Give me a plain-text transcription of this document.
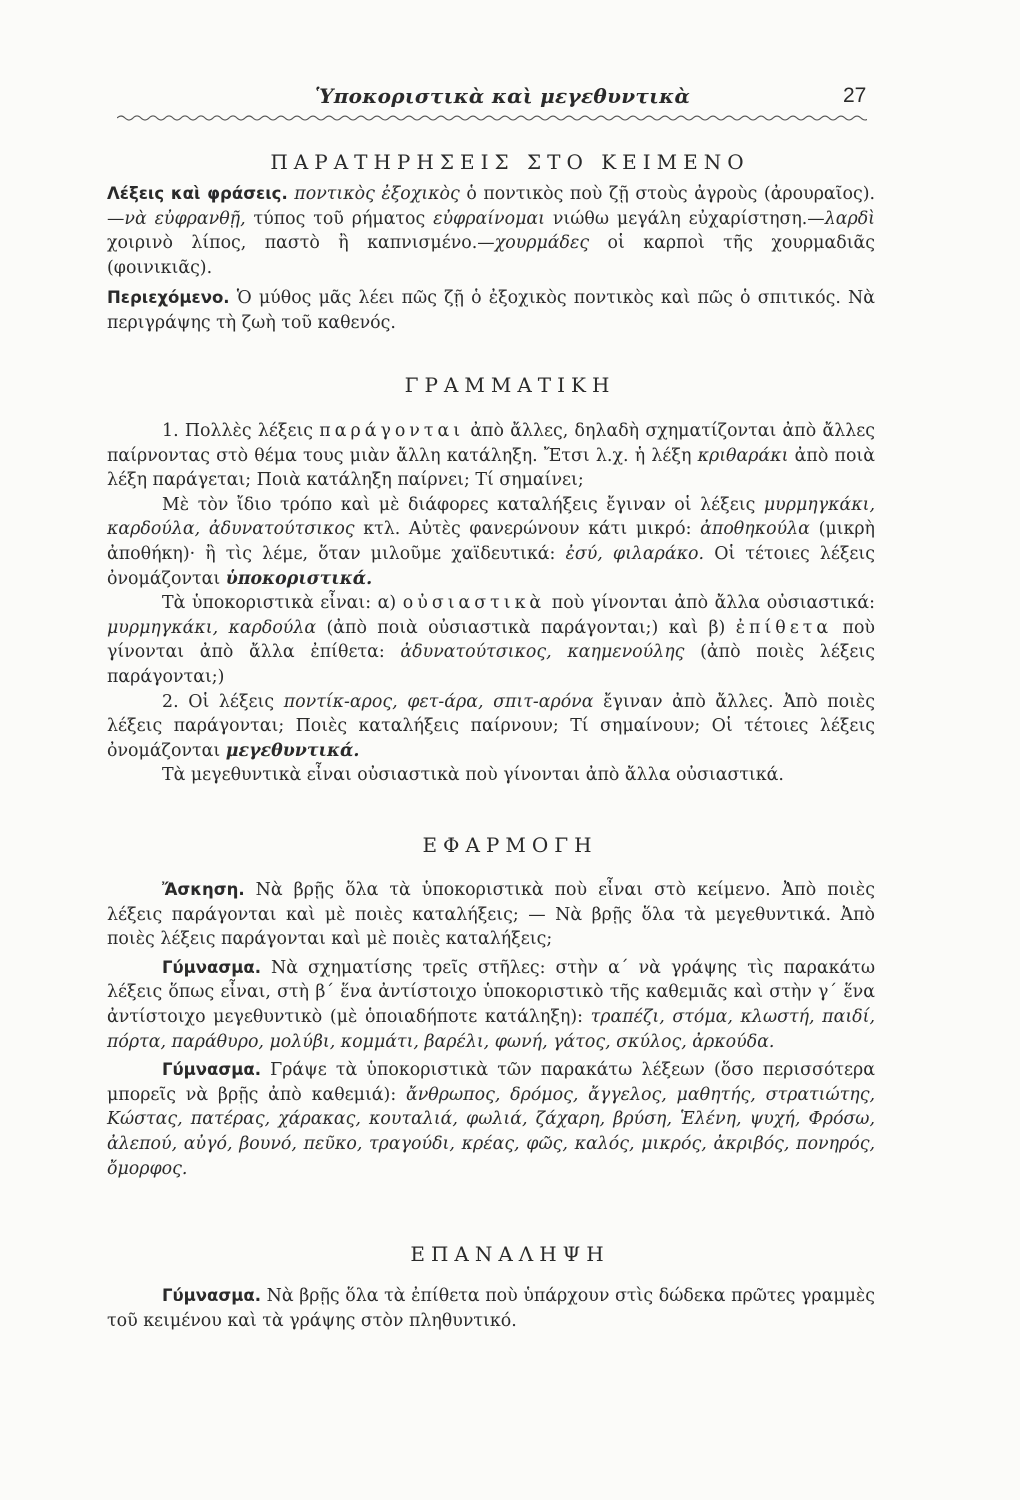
Ὑποκοριστικὰ καὶ μεγεθυντικὰ	27
ΠΑΡΑΤΗΡΗΣΕΙΣ ΣΤΟ ΚΕΙΜΕΝΟ

Λέξεις καὶ φράσεις. ποντικὸς ἐξοχικὸς ὁ ποντικὸς ποὺ ζῇ στοὺς ἀγροὺς (ἀρουραῖος).—νὰ εὐφρανθῇ, τύπος τοῦ ρήματος εὐφραίνομαι νιώθω μεγάλη εὐχαρίστηση.—λαρδὶ χοιρινὸ λίπος, παστὸ ἢ καπνισμένο.—χουρμάδες οἱ καρποὶ τῆς χουρμαδιᾶς (φοινικιᾶς).

Περιεχόμενο. Ὁ μύθος μᾶς λέει πῶς ζῇ ὁ ἐξοχικὸς ποντικὸς καὶ πῶς ὁ σπιτικός. Νὰ περιγράψης τὴ ζωὴ τοῦ καθενός.

ΓΡΑΜΜΑΤΙΚΗ

1. Πολλὲς λέξεις παράγονται ἀπὸ ἄλλες, δηλαδὴ σχηματίζονται ἀπὸ ἄλλες παίρνοντας στὸ θέμα τους μιὰν ἄλλη κατάληξη. Ἔτσι λ.χ. ἡ λέξη κριθαράκι ἀπὸ ποιὰ λέξη παράγεται; Ποιὰ κατάληξη παίρνει; Τί σημαίνει;

Μὲ τὸν ἴδιο τρόπο καὶ μὲ διάφορες καταλήξεις ἔγιναν οἱ λέξεις μυρμηγκάκι, καρδούλα, ἀδυνατούτσικος κτλ. Αὐτὲς φανερώνουν κάτι μικρό: ἀποθηκούλα (μικρὴ ἀποθήκη)· ἢ τὶς λέμε, ὅταν μιλοῦμε χαϊδευτικά: ἐσύ, φιλαράκο. Οἱ τέτοιες λέξεις ὀνομάζονται ὑποκοριστικά.

Τὰ ὑποκοριστικὰ εἶναι: α) οὐσιαστικὰ ποὺ γίνονται ἀπὸ ἄλλα οὐσιαστικά: μυρμηγκάκι, καρδούλα (ἀπὸ ποιὰ οὐσιαστικὰ παράγονται;) καὶ β) ἐπίθετα ποὺ γίνονται ἀπὸ ἄλλα ἐπίθετα: ἀδυνατούτσικος, καημενούλης (ἀπὸ ποιὲς λέξεις παράγονται;)

2. Οἱ λέξεις ποντίκ-αρος, φετ-άρα, σπιτ-αρόνα ἔγιναν ἀπὸ ἄλλες. Ἀπὸ ποιὲς λέξεις παράγονται; Ποιὲς καταλήξεις παίρνουν; Τί σημαίνουν; Οἱ τέτοιες λέξεις ὀνομάζονται μεγεθυντικά.

Τὰ μεγεθυντικὰ εἶναι οὐσιαστικὰ ποὺ γίνονται ἀπὸ ἄλλα οὐσιαστικά.

ΕΦΑΡΜΟΓΗ

Ἄσκηση. Νὰ βρῇς ὅλα τὰ ὑποκοριστικὰ ποὺ εἶναι στὸ κείμενο. Ἀπὸ ποιὲς λέξεις παράγονται καὶ μὲ ποιὲς καταλήξεις; — Νὰ βρῇς ὅλα τὰ μεγεθυντικά. Ἀπὸ ποιὲς λέξεις παράγονται καὶ μὲ ποιὲς καταλήξεις;

Γύμνασμα. Νὰ σχηματίσης τρεῖς στῆλες: στὴν α΄ νὰ γράψης τὶς παρακάτω λέξεις ὅπως εἶναι, στὴ β΄ ἕνα ἀντίστοιχο ὑποκοριστικὸ τῆς καθεμιᾶς καὶ στὴν γ΄ ἕνα ἀντίστοιχο μεγεθυντικὸ (μὲ ὁποιαδήποτε κατάληξη): τραπέζι, στόμα, κλωστή, παιδί, πόρτα, παράθυρο, μολύβι, κομμάτι, βαρέλι, φωνή, γάτος, σκύλος, ἀρκούδα.

Γύμνασμα. Γράψε τὰ ὑποκοριστικὰ τῶν παρακάτω λέξεων (ὅσο περισσότερα μπορεῖς νὰ βρῇς ἀπὸ καθεμιά): ἄνθρωπος, δρόμος, ἄγγελος, μαθητής, στρατιώτης, Κώστας, πατέρας, χάρακας, κουταλιά, φωλιά, ζάχαρη, βρύση, Ἑλένη, ψυχή, Φρόσω, ἀλεπού, αὐγό, βουνό, πεῦκο, τραγούδι, κρέας, φῶς, καλός, μικρός, ἀκριβός, πονηρός, ὄμορφος.

ΕΠΑΝΑΛΗΨΗ

Γύμνασμα. Νὰ βρῇς ὅλα τὰ ἐπίθετα ποὺ ὑπάρχουν στὶς δώδεκα πρῶτες γραμμὲς τοῦ κειμένου καὶ τὰ γράψης στὸν πληθυντικό.
